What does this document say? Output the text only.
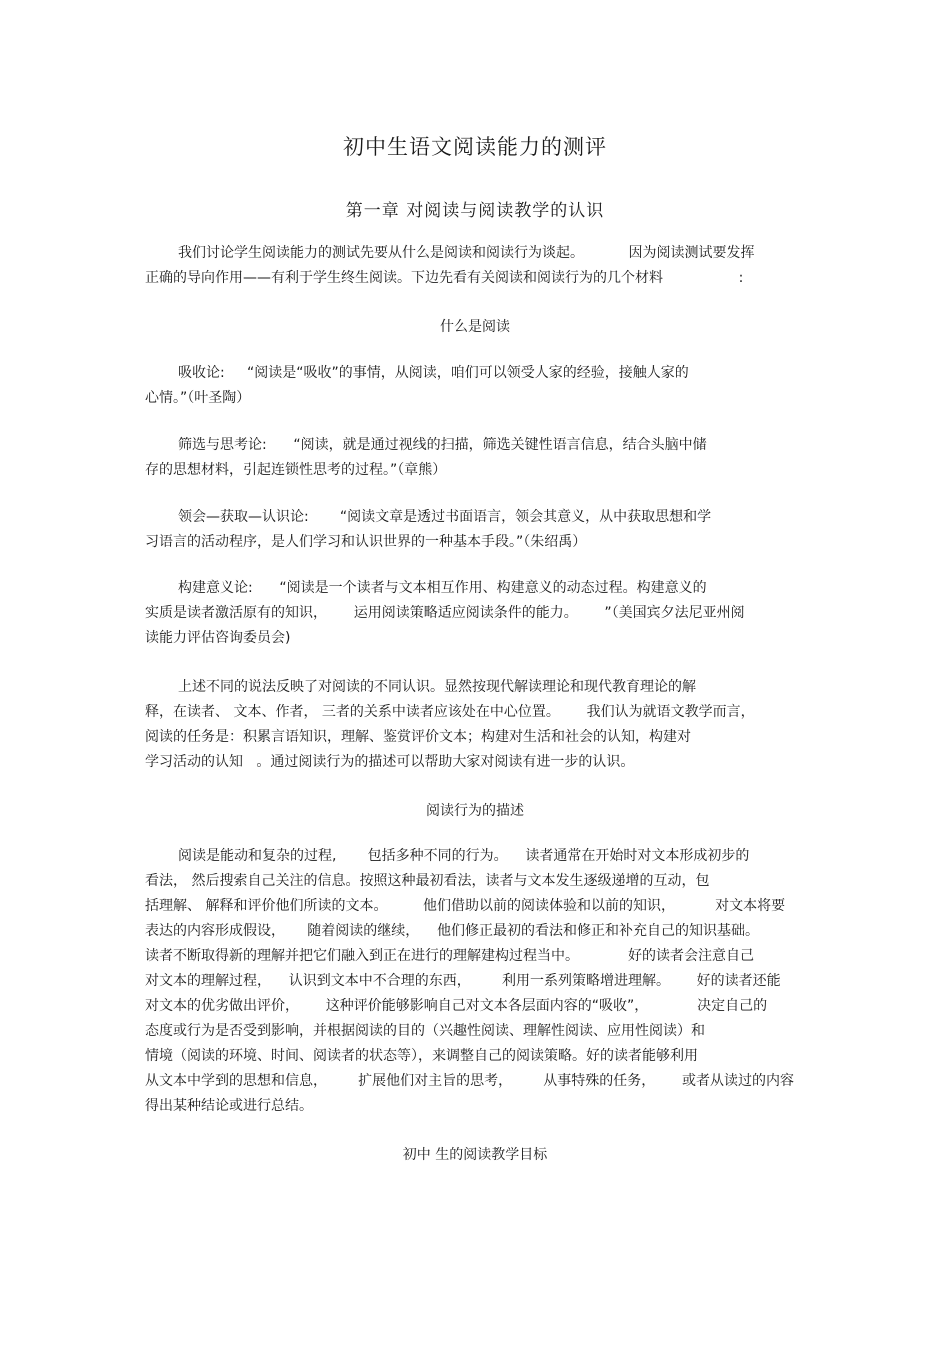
初中生语文阅读能力的测评
第一章 对阅读与阅读教学的认识
我们讨论学生阅读能力的测试先要从什么是阅读和阅读行为谈起。          因为阅读测试要发挥
正确的导向作用——有利于学生终生阅读。下边先看有关阅读和阅读行为的几个材料                 :
什么是阅读
吸收论:     “阅读是“吸收”的事情，从阅读，咱们可以领受人家的经验，接触人家的
心情。”（叶圣陶）
筛选与思考论:      “阅读，就是通过视线的扫描，筛选关键性语言信息，结合头脑中储
存的思想材料，引起连锁性思考的过程。”（章熊）
领会—获取—认识论:       “阅读文章是透过书面语言，领会其意义，从中获取思想和学
习语言的活动程序，是人们学习和认识世界的一种基本手段。”（朱绍禹）
构建意义论:      “阅读是一个读者与文本相互作用、构建意义的动态过程。构建意义的
实质是读者激活原有的知识，      运用阅读策略适应阅读条件的能力。      ”（美国宾夕法尼亚州阅
读能力评估咨询委员会)
上述不同的说法反映了对阅读的不同认识。显然按现代解读理论和现代教育理论的解
释，在读者、 文本、作者， 三者的关系中读者应该处在中心位置。      我们认为就语文教学而言，
阅读的任务是：积累言语知识，理解、鉴赏评价文本；构建对生活和社会的认知，构建对
学习活动的认知   。通过阅读行为的描述可以帮助大家对阅读有进一步的认识。
阅读行为的描述
阅读是能动和复杂的过程,       包括多种不同的行为。    读者通常在开始时对文本形成初步的
看法， 然后搜索自己关注的信息。按照这种最初看法，读者与文本发生逐级递增的互动，包
括理解、 解释和评价他们所读的文本。        他们借助以前的阅读体验和以前的知识，         对文本将要
表达的内容形成假设，     随着阅读的继续，    他们修正最初的看法和修正和补充自己的知识基础。
读者不断取得新的理解并把它们融入到正在进行的理解建构过程当中。           好的读者会注意自己
对文本的理解过程，    认识到文本中不合理的东西，       利用一系列策略增进理解。      好的读者还能
对文本的优劣做出评价，      这种评价能够影响自己对文本各层面内容的“吸收”，           决定自己的
态度或行为是否受到影响，并根据阅读的目的（兴趣性阅读、理解性阅读、应用性阅读）和
情境（阅读的环境、时间、阅读者的状态等），来调整自己的阅读策略。好的读者能够利用
从文本中学到的思想和信息，       扩展他们对主旨的思考，       从事特殊的任务，      或者从读过的内容
得出某种结论或进行总结。
初中 生的阅读教学目标
